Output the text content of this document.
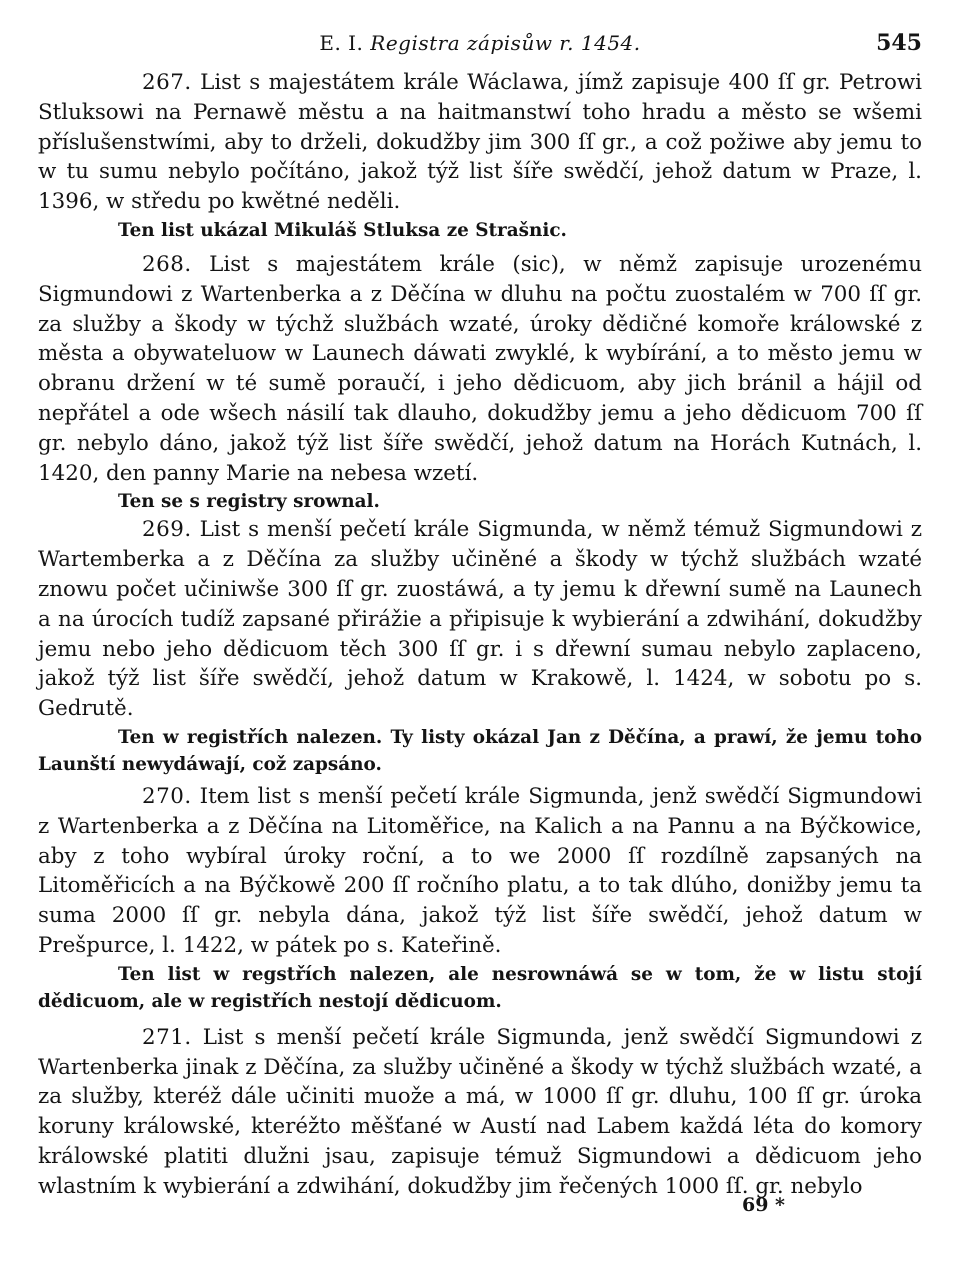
E. I. Registra zápisůw r. 1454.	545

267. List s majestátem krále Wáclawa, jímž zapisuje 400 ſſ gr. Petrowi Stluksowi na Pernawě městu a na haitmanstwí toho hradu a město se wšemi příslušenstwími, aby to drželi, dokudžby jim 300 ſſ gr., a což požiwe aby jemu to w tu sumu nebylo počítáno, jakož týž list šíře swědčí, jehož datum w Praze, l. 1396, w středu po kwětné neděli.

Ten list ukázal Mikuláš Stluksa ze Strašnic.

268. List s majestátem krále (sic), w němž zapisuje urozenému Sigmundowi z Wartenberka a z Děčína w dluhu na počtu zuostalém w 700 ſſ gr. za služby a škody w týchž službách wzaté, úroky dědičné komoře králowské z města a obywateluow w Launech dáwati zwyklé, k wybírání, a to město jemu w obranu držení w té sumě poraučí, i jeho dědicuom, aby jich bránil a hájil od nepřátel a ode wšech násilí tak dlauho, dokudžby jemu a jeho dědicuom 700 ſſ gr. nebylo dáno, jakož týž list šíře swědčí, jehož datum na Horách Kutnách, l. 1420, den panny Marie na nebesa wzetí.

Ten se s registry srownal.

269. List s menší pečetí krále Sigmunda, w němž témuž Sigmundowi z Wartemberka a z Děčína za služby učiněné a škody w týchž službách wzaté znowu počet učiniwše 300 ſſ gr. zuostáwá, a ty jemu k dřewní sumě na Launech a na úrocích tudíž zapsané přirážie a připisuje k wybierání a zdwihání, dokudžby jemu nebo jeho dědicuom těch 300 ſſ gr. i s dřewní sumau nebylo zaplaceno, jakož týž list šíře swědčí, jehož datum w Krakowě, l. 1424, w sobotu po s. Gedrutě.

Ten w registřích nalezen. Ty listy okázal Jan z Děčína, a prawí, že jemu toho Launští newydáwají, což zapsáno.

270. Item list s menší pečetí krále Sigmunda, jenž swědčí Sigmundowi z Wartenberka a z Děčína na Litoměřice, na Kalich a na Pannu a na Býčkowice, aby z toho wybíral úroky roční, a to we 2000 ſſ rozdílně zapsaných na Litoměřicích a na Býčkowě 200 ſſ ročního platu, a to tak dlúho, donižby jemu ta suma 2000 ſſ gr. nebyla dána, jakož týž list šíře swědčí, jehož datum w Prešpurce, l. 1422, w pátek po s. Kateřině.

Ten list w regstřích nalezen, ale nesrownáwá se w tom, že w listu stojí dědicuom, ale w registřích nestojí dědicuom.

271. List s menší pečetí krále Sigmunda, jenž swědčí Sigmundowi z Wartenberka jinak z Děčína, za služby učiněné a škody w týchž službách wzaté, a za služby, kteréž dále učiniti muože a má, w 1000 ſſ gr. dluhu, 100 ſſ gr. úroka koruny králowské, kteréžto měšťané w Austí nad Labem každá léta do komory králowské platiti dlužni jsau, zapisuje témuž Sigmundowi a dědicuom jeho wlastním k wybierání a zdwihání, dokudžby jim řečených 1000 ſſ. gr. nebylo

69 *
